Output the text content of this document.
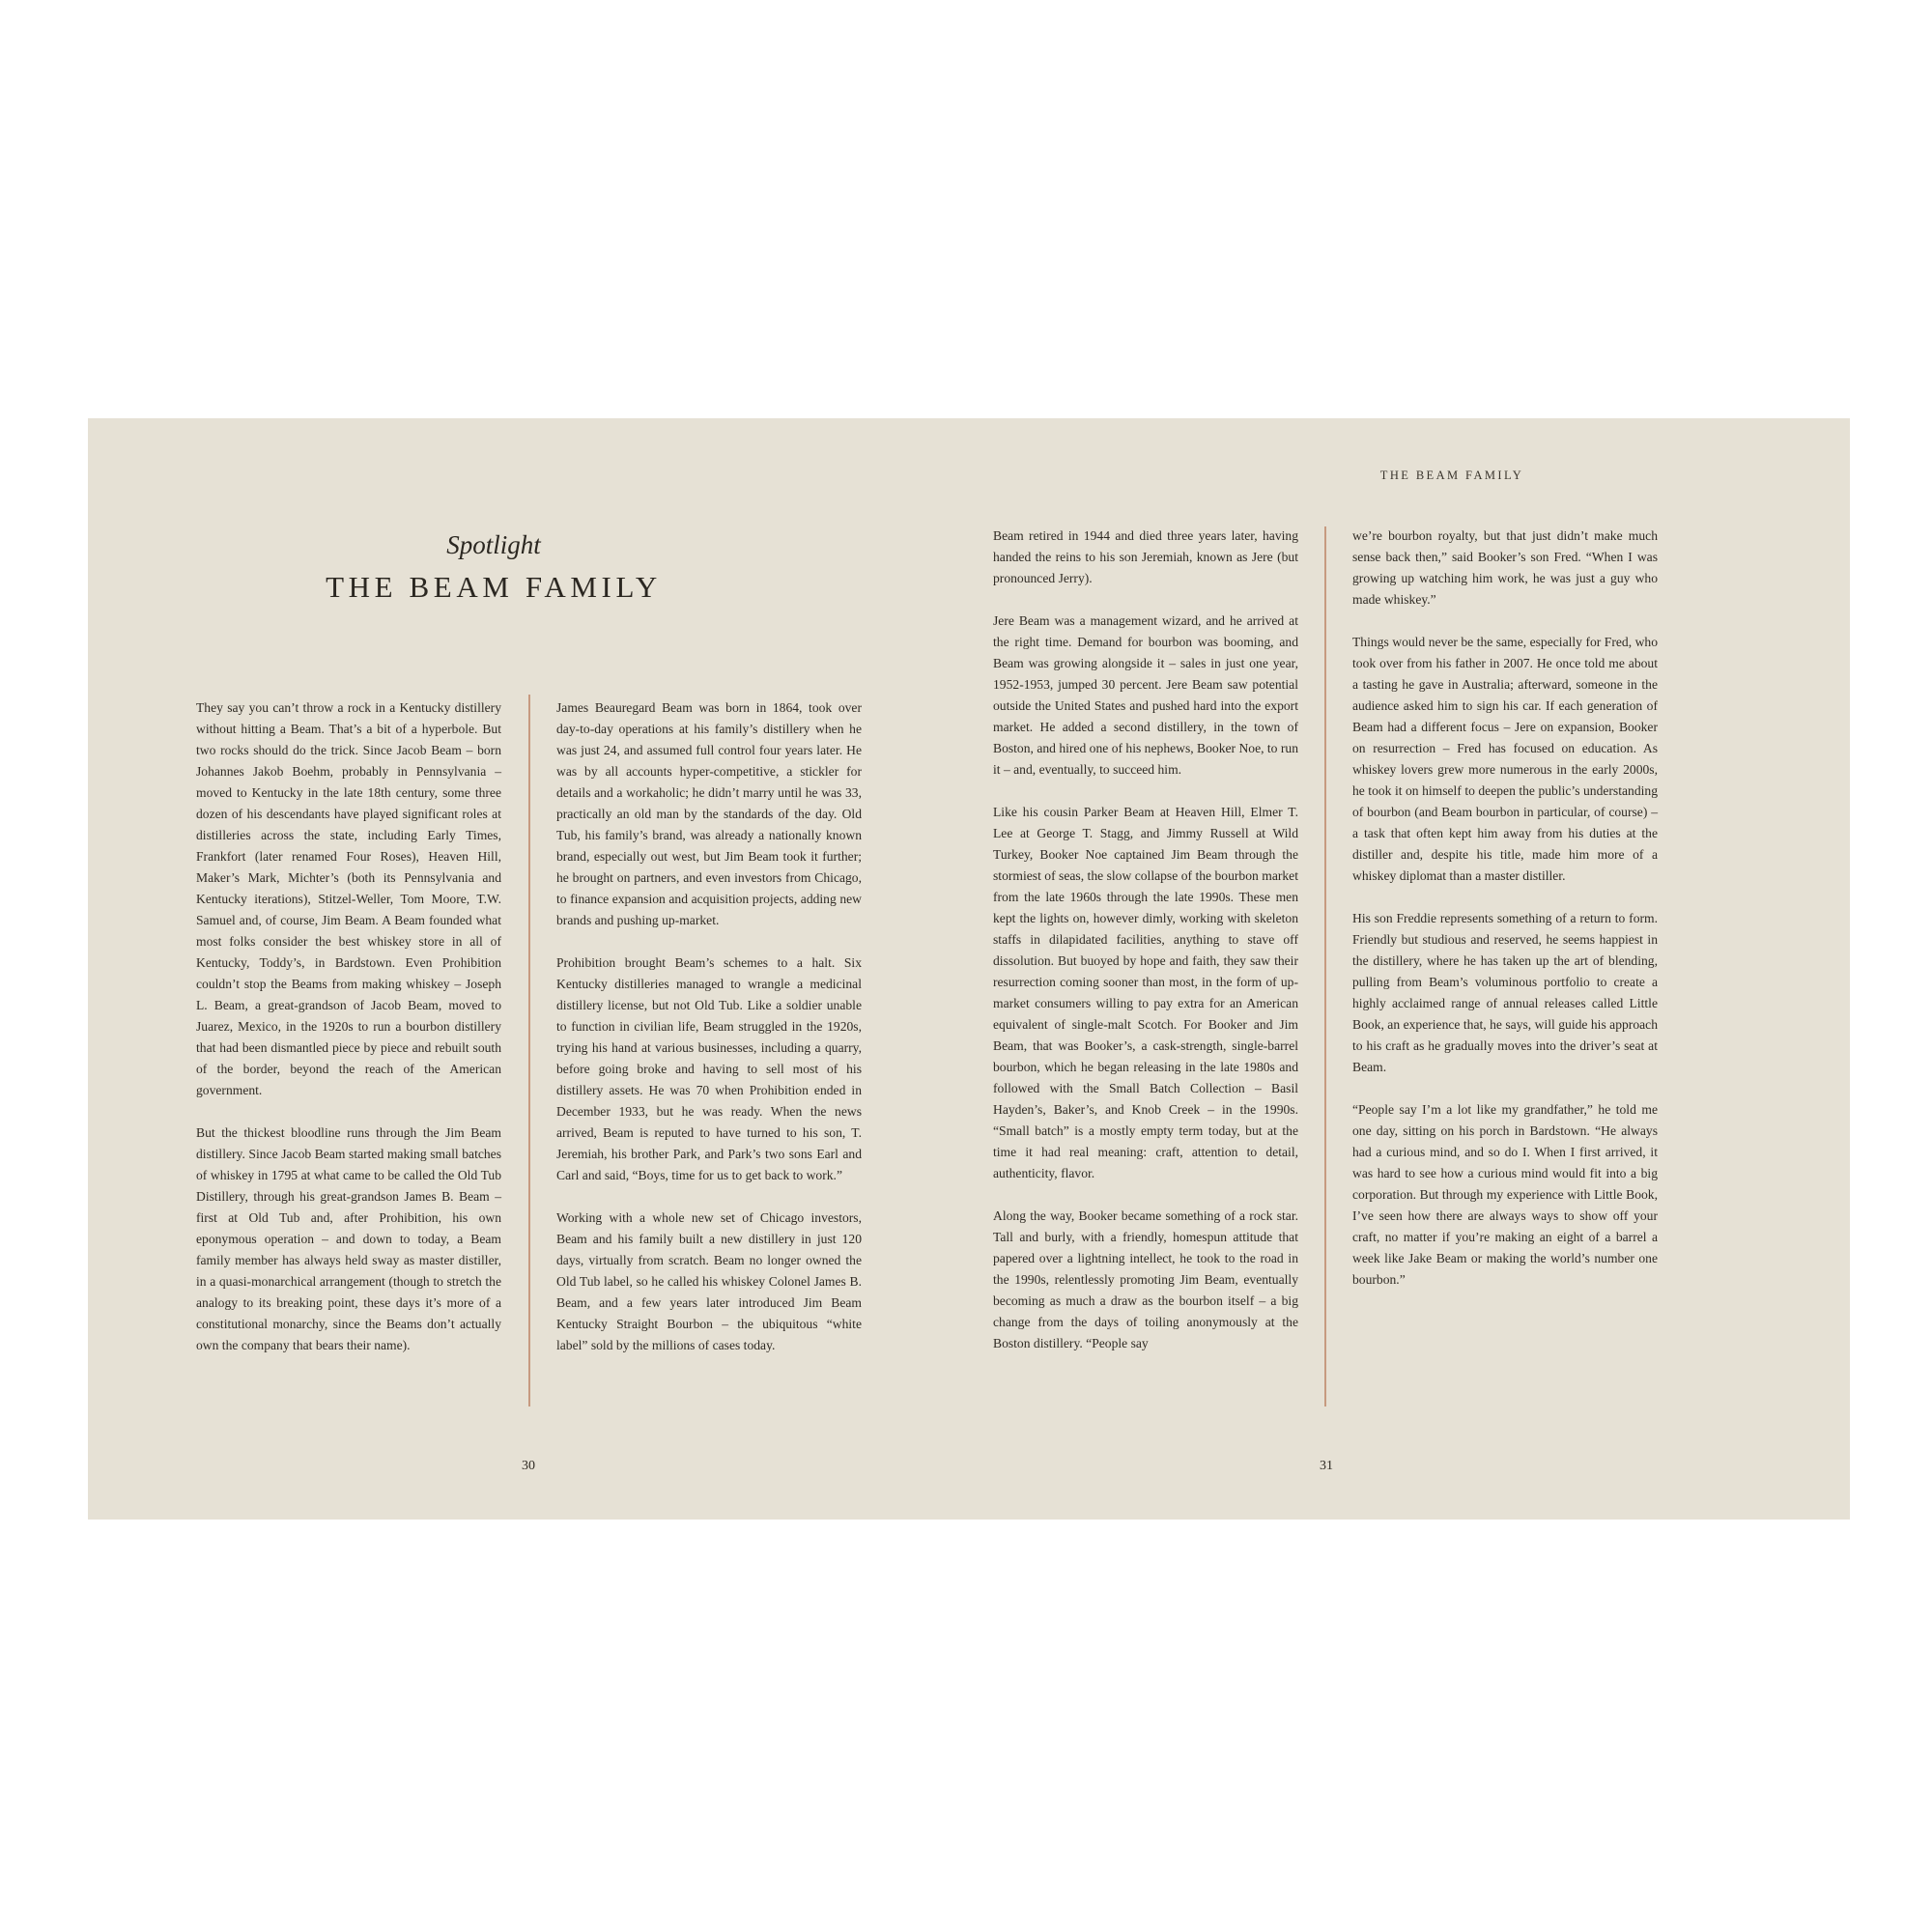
Spotlight
THE BEAM FAMILY

They say you can’t throw a rock in a Kentucky distillery without hitting a Beam. That’s a bit of a hyperbole. But two rocks should do the trick. Since Jacob Beam – born Johannes Jakob Boehm, probably in Pennsylvania – moved to Kentucky in the late 18th century, some three dozen of his descendants have played significant roles at distilleries across the state, including Early Times, Frankfort (later renamed Four Roses), Heaven Hill, Maker’s Mark, Michter’s (both its Pennsylvania and Kentucky iterations), Stitzel-Weller, Tom Moore, T.W. Samuel and, of course, Jim Beam. A Beam founded what most folks consider the best whiskey store in all of Kentucky, Toddy’s, in Bardstown. Even Prohibition couldn’t stop the Beams from making whiskey – Joseph L. Beam, a great-grandson of Jacob Beam, moved to Juarez, Mexico, in the 1920s to run a bourbon distillery that had been dismantled piece by piece and rebuilt south of the border, beyond the reach of the American government.

But the thickest bloodline runs through the Jim Beam distillery. Since Jacob Beam started making small batches of whiskey in 1795 at what came to be called the Old Tub Distillery, through his great-grandson James B. Beam – first at Old Tub and, after Prohibition, his own eponymous operation – and down to today, a Beam family member has always held sway as master distiller, in a quasi-monarchical arrangement (though to stretch the analogy to its breaking point, these days it’s more of a constitutional monarchy, since the Beams don’t actually own the company that bears their name).

James Beauregard Beam was born in 1864, took over day-to-day operations at his family’s distillery when he was just 24, and assumed full control four years later. He was by all accounts hyper-competitive, a stickler for details and a workaholic; he didn’t marry until he was 33, practically an old man by the standards of the day. Old Tub, his family’s brand, was already a nationally known brand, especially out west, but Jim Beam took it further; he brought on partners, and even investors from Chicago, to finance expansion and acquisition projects, adding new brands and pushing up-market.

Prohibition brought Beam’s schemes to a halt. Six Kentucky distilleries managed to wrangle a medicinal distillery license, but not Old Tub. Like a soldier unable to function in civilian life, Beam struggled in the 1920s, trying his hand at various businesses, including a quarry, before going broke and having to sell most of his distillery assets. He was 70 when Prohibition ended in December 1933, but he was ready. When the news arrived, Beam is reputed to have turned to his son, T. Jeremiah, his brother Park, and Park’s two sons Earl and Carl and said, “Boys, time for us to get back to work.”

Working with a whole new set of Chicago investors, Beam and his family built a new distillery in just 120 days, virtually from scratch. Beam no longer owned the Old Tub label, so he called his whiskey Colonel James B. Beam, and a few years later introduced Jim Beam Kentucky Straight Bourbon – the ubiquitous “white label” sold by the millions of cases today.

30
THE BEAM FAMILY

Beam retired in 1944 and died three years later, having handed the reins to his son Jeremiah, known as Jere (but pronounced Jerry).

Jere Beam was a management wizard, and he arrived at the right time. Demand for bourbon was booming, and Beam was growing alongside it – sales in just one year, 1952-1953, jumped 30 percent. Jere Beam saw potential outside the United States and pushed hard into the export market. He added a second distillery, in the town of Boston, and hired one of his nephews, Booker Noe, to run it – and, eventually, to succeed him.

Like his cousin Parker Beam at Heaven Hill, Elmer T. Lee at George T. Stagg, and Jimmy Russell at Wild Turkey, Booker Noe captained Jim Beam through the stormiest of seas, the slow collapse of the bourbon market from the late 1960s through the late 1990s. These men kept the lights on, however dimly, working with skeleton staffs in dilapidated facilities, anything to stave off dissolution. But buoyed by hope and faith, they saw their resurrection coming sooner than most, in the form of up-market consumers willing to pay extra for an American equivalent of single-malt Scotch. For Booker and Jim Beam, that was Booker’s, a cask-strength, single-barrel bourbon, which he began releasing in the late 1980s and followed with the Small Batch Collection – Basil Hayden’s, Baker’s, and Knob Creek – in the 1990s. “Small batch” is a mostly empty term today, but at the time it had real meaning: craft, attention to detail, authenticity, flavor.

Along the way, Booker became something of a rock star. Tall and burly, with a friendly, homespun attitude that papered over a lightning intellect, he took to the road in the 1990s, relentlessly promoting Jim Beam, eventually becoming as much a draw as the bourbon itself – a big change from the days of toiling anonymously at the Boston distillery. “People say

we’re bourbon royalty, but that just didn’t make much sense back then,” said Booker’s son Fred. “When I was growing up watching him work, he was just a guy who made whiskey.”

Things would never be the same, especially for Fred, who took over from his father in 2007. He once told me about a tasting he gave in Australia; afterward, someone in the audience asked him to sign his car. If each generation of Beam had a different focus – Jere on expansion, Booker on resurrection – Fred has focused on education. As whiskey lovers grew more numerous in the early 2000s, he took it on himself to deepen the public’s understanding of bourbon (and Beam bourbon in particular, of course) – a task that often kept him away from his duties at the distiller and, despite his title, made him more of a whiskey diplomat than a master distiller.

His son Freddie represents something of a return to form. Friendly but studious and reserved, he seems happiest in the distillery, where he has taken up the art of blending, pulling from Beam’s voluminous portfolio to create a highly acclaimed range of annual releases called Little Book, an experience that, he says, will guide his approach to his craft as he gradually moves into the driver’s seat at Beam.

“People say I’m a lot like my grandfather,” he told me one day, sitting on his porch in Bardstown. “He always had a curious mind, and so do I. When I first arrived, it was hard to see how a curious mind would fit into a big corporation. But through my experience with Little Book, I’ve seen how there are always ways to show off your craft, no matter if you’re making an eight of a barrel a week like Jake Beam or making the world’s number one bourbon.”

31
